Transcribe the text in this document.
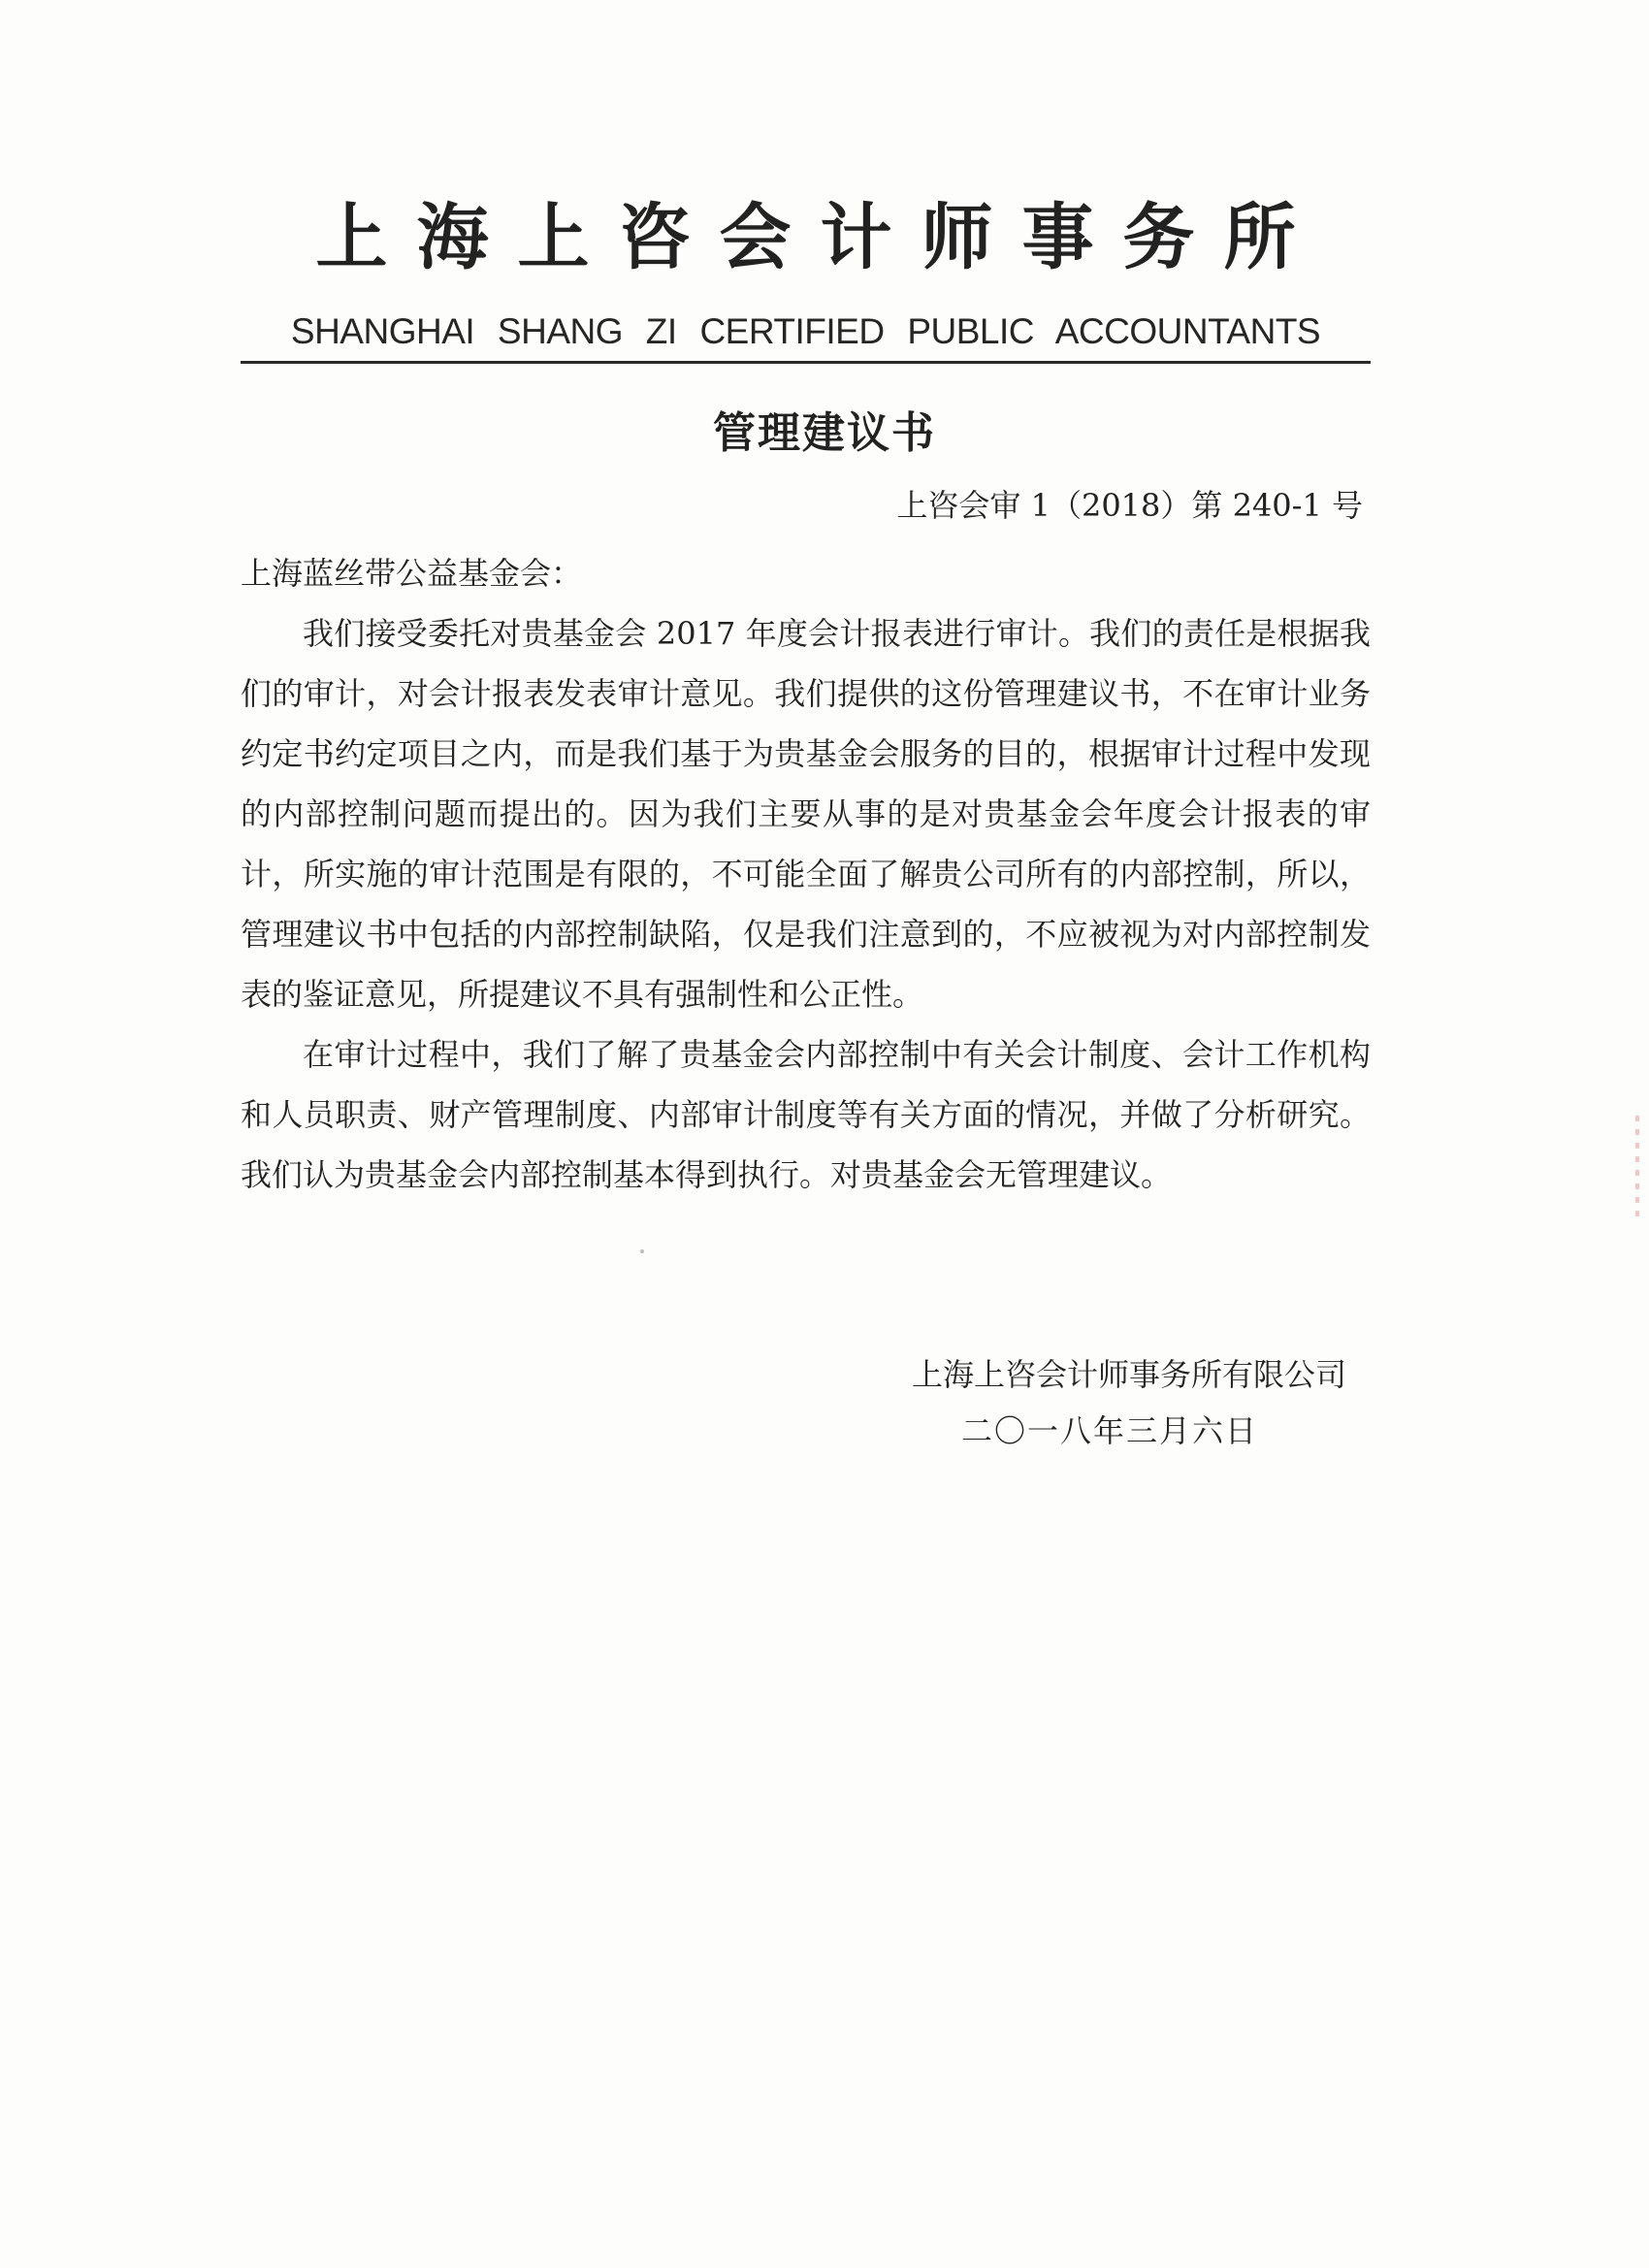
上海上咨会计师事务所

SHANGHAI SHANG ZI CERTIFIED PUBLIC ACCOUNTANTS

管理建议书

上咨会审 1（2018）第 240-1 号

上海蓝丝带公益基金会：

我们接受委托对贵基金会 2017 年度会计报表进行审计。我们的责任是根据我们的审计，对会计报表发表审计意见。我们提供的这份管理建议书，不在审计业务约定书约定项目之内，而是我们基于为贵基金会服务的目的，根据审计过程中发现的内部控制问题而提出的。因为我们主要从事的是对贵基金会年度会计报表的审计，所实施的审计范围是有限的，不可能全面了解贵公司所有的内部控制，所以，管理建议书中包括的内部控制缺陷，仅是我们注意到的，不应被视为对内部控制发表的鉴证意见，所提建议不具有强制性和公正性。

在审计过程中，我们了解了贵基金会内部控制中有关会计制度、会计工作机构和人员职责、财产管理制度、内部审计制度等有关方面的情况，并做了分析研究。我们认为贵基金会内部控制基本得到执行。对贵基金会无管理建议。

上海上咨会计师事务所有限公司

二〇一八年三月六日
